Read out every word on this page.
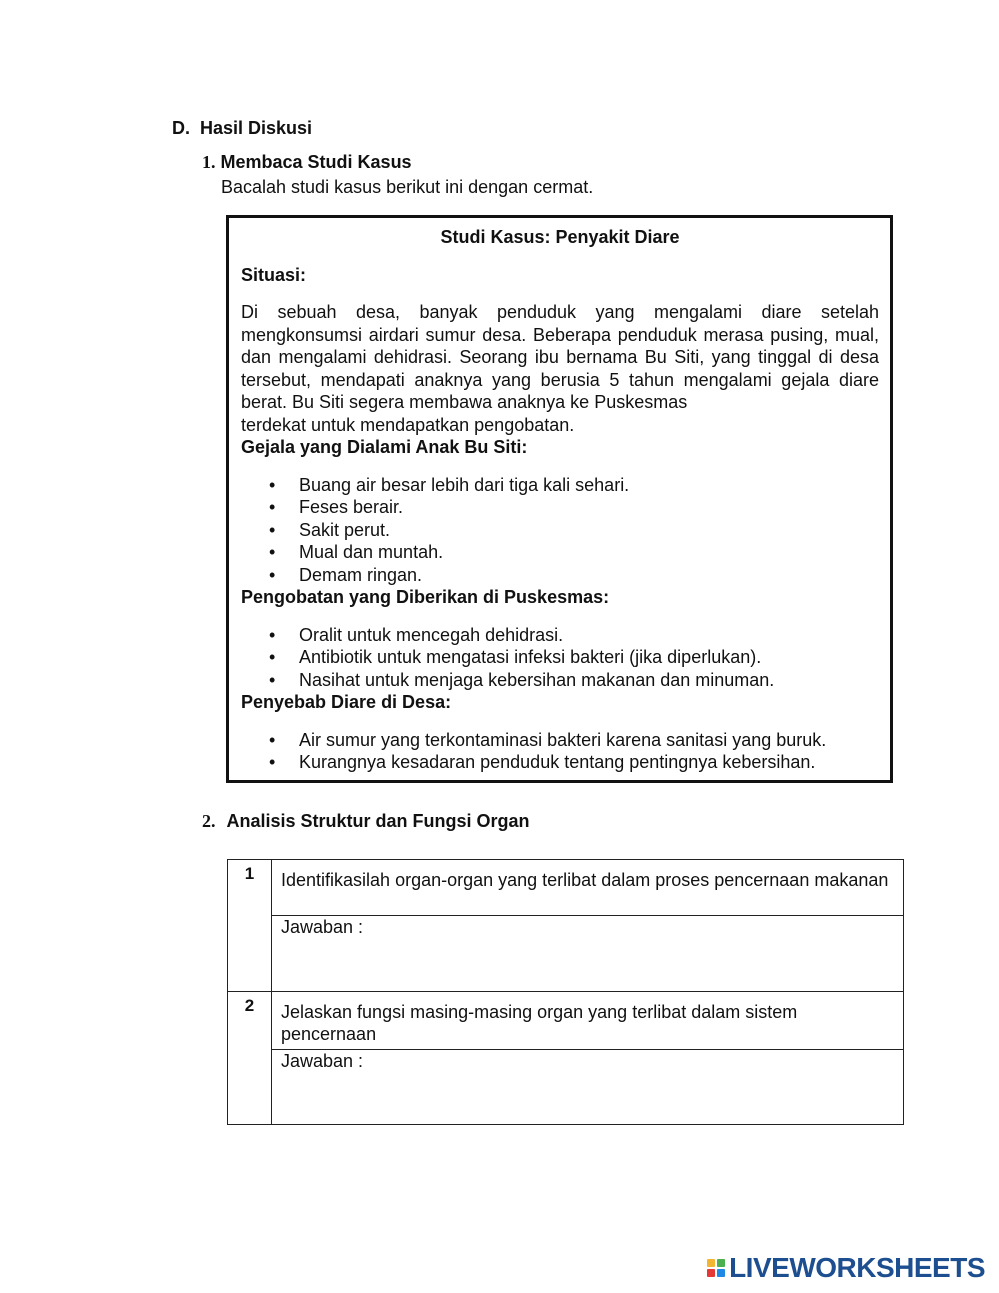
D. Hasil Diskusi
1. Membaca Studi Kasus
Bacalah studi kasus berikut ini dengan cermat.
Studi Kasus: Penyakit Diare
Situasi:
Di sebuah desa, banyak penduduk yang mengalami diare setelah mengkonsumsi airdari sumur desa. Beberapa penduduk merasa pusing, mual, dan mengalami dehidrasi. Seorang ibu bernama Bu Siti, yang tinggal di desa tersebut, mendapati anaknya yang berusia 5 tahun mengalami gejala diare berat. Bu Siti segera membawa anaknya ke Puskesmas
terdekat untuk mendapatkan pengobatan.
Gejala yang Dialami Anak Bu Siti:
• Buang air besar lebih dari tiga kali sehari.
• Feses berair.
• Sakit perut.
• Mual dan muntah.
• Demam ringan.
Pengobatan yang Diberikan di Puskesmas:
• Oralit untuk mencegah dehidrasi.
• Antibiotik untuk mengatasi infeksi bakteri (jika diperlukan).
• Nasihat untuk menjaga kebersihan makanan dan minuman.
Penyebab Diare di Desa:
• Air sumur yang terkontaminasi bakteri karena sanitasi yang buruk.
• Kurangnya kesadaran penduduk tentang pentingnya kebersihan.
2. Analisis Struktur dan Fungsi Organ
1	Identifikasilah organ-organ yang terlibat dalam proses pencernaan makanan

	Jawaban :

2	Jelaskan fungsi masing-masing organ yang terlibat dalam sistem pencernaan

	Jawaban :
LIVEWORKSHEETS
